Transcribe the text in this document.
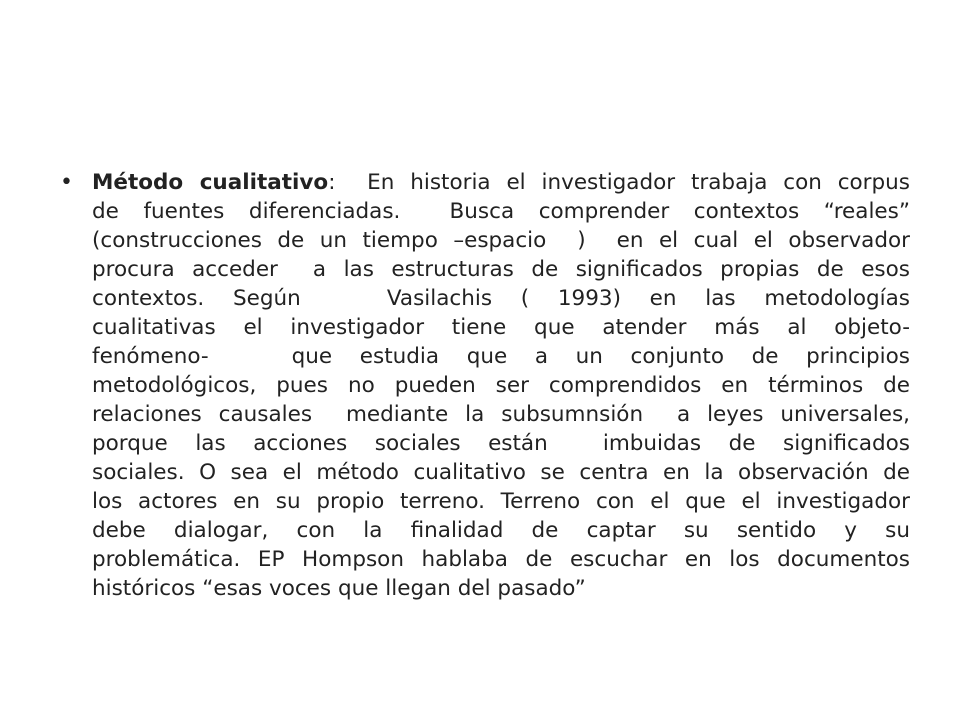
• Método cualitativo:  En historia el investigador trabaja con corpus
de fuentes diferenciadas.  Busca comprender contextos “reales”
(construcciones de un tiempo –espacio  )  en el cual el observador
procura acceder  a las estructuras de significados propias de esos
contextos. Según   Vasilachis ( 1993) en las metodologías
cualitativas el investigador tiene que atender más al objeto-
fenómeno-   que estudia que a un conjunto de principios
metodológicos, pues no pueden ser comprendidos en términos de
relaciones causales  mediante la subsumnsión  a leyes universales,
porque las acciones sociales están  imbuidas de significados
sociales. O sea el método cualitativo se centra en la observación de
los actores en su propio terreno. Terreno con el que el investigador
debe dialogar, con la finalidad de captar su sentido y su
problemática. EP Hompson hablaba de escuchar en los documentos
históricos “esas voces que llegan del pasado”
